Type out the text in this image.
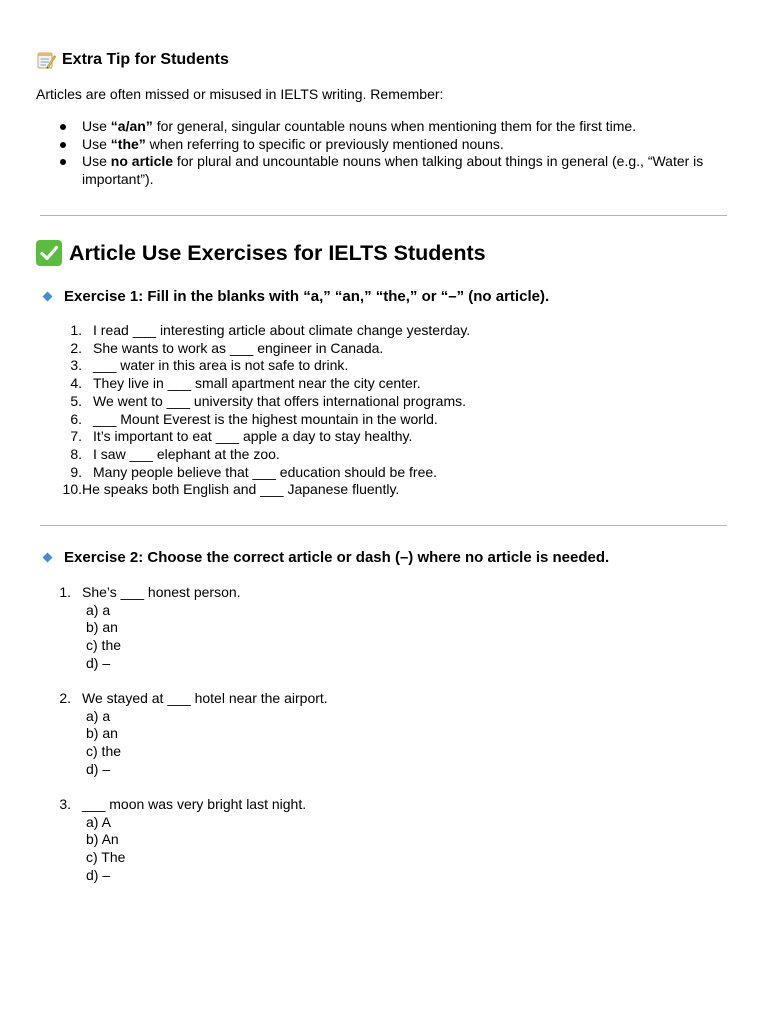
Extra Tip for Students
Articles are often missed or misused in IELTS writing. Remember:
Use “a/an” for general, singular countable nouns when mentioning them for the first time.
Use “the” when referring to specific or previously mentioned nouns.
Use no article for plural and uncountable nouns when talking about things in general (e.g., “Water is important”).
Article Use Exercises for IELTS Students
Exercise 1: Fill in the blanks with “a,” “an,” “the,” or “–” (no article).
1. I read ___ interesting article about climate change yesterday.
2. She wants to work as ___ engineer in Canada.
3. ___ water in this area is not safe to drink.
4. They live in ___ small apartment near the city center.
5. We went to ___ university that offers international programs.
6. ___ Mount Everest is the highest mountain in the world.
7. It’s important to eat ___ apple a day to stay healthy.
8. I saw ___ elephant at the zoo.
9. Many people believe that ___ education should be free.
10. He speaks both English and ___ Japanese fluently.
Exercise 2: Choose the correct article or dash (–) where no article is needed.
1. She’s ___ honest person.
a) a
b) an
c) the
d) –
2. We stayed at ___ hotel near the airport.
a) a
b) an
c) the
d) –
3. ___ moon was very bright last night.
a) A
b) An
c) The
d) –
